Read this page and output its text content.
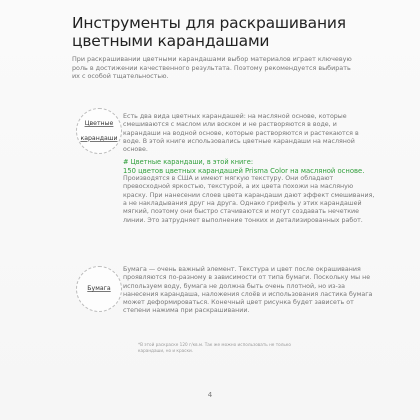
Инструменты для раскрашивания
цветными карандашами

При раскрашивании цветными карандашами выбор материалов играет ключевую роль в достижении качественного результата. Поэтому рекомендуется выбирать их с особой тщательностью.

Цветные

карандаши
Есть два вида цветных карандашей: на масляной основе, которые смешиваются с маслом или воском и не растворяются в воде, и карандаши на водной основе, которые растворяются и растекаются в воде. В этой книге использовались цветные карандаши на масляной основе.
# Цветные карандаши, в этой книге:
150 цветов цветных карандашей Prisma Color на масляной основе.
Производятся в США и имеют мягкую текстуру. Они обладают превосходной яркостью, текстурой, а их цвета похожи на масляную краску. При нанесении слоев цвета карандаши дают эффект смешивания, а не накладывания друг на друга. Однако грифель у этих карандашей мягкий, поэтому они быстро стачиваются и могут создавать нечеткие линии. Это затрудняет выполнение тонких и детализированных работ.
Бумага
Бумага — очень важный элемент. Текстура и цвет после окрашивания проявляются по-разному в зависимости от типа бумаги. Поскольку мы не используем воду, бумага не должна быть очень плотной, но из-за нанесения карандаша, наложения слоёв и использования ластика бумага может деформироваться. Конечный цвет рисунка будет зависеть от степени нажима при раскрашивании.
*В этой раскраске 120 г/кв.м. Так же можно использовать не только карандаши, но и краски.
4
